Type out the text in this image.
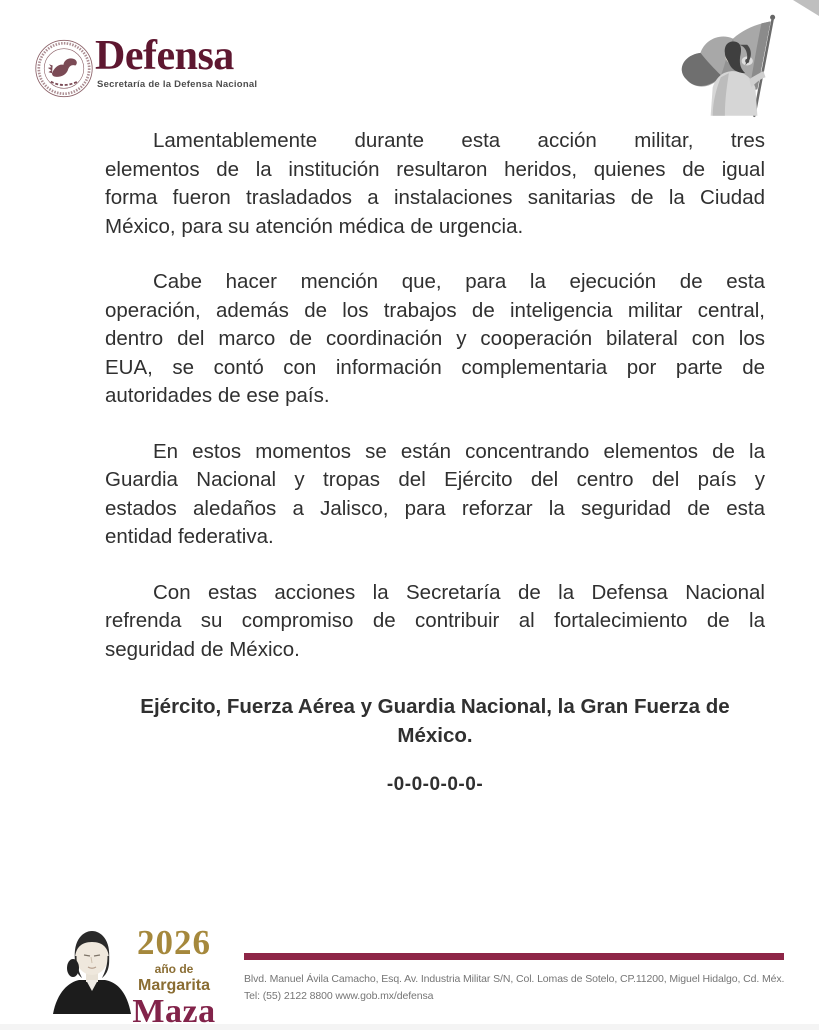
Defensa
Secretaría de la Defensa Nacional
Lamentablemente durante esta acción militar, tres
elementos de la institución resultaron heridos, quienes de igual
forma fueron trasladados a instalaciones sanitarias de la Ciudad
México, para su atención médica de urgencia.
Cabe hacer mención que, para la ejecución de esta
operación, además de los trabajos de inteligencia militar central,
dentro del marco de coordinación y cooperación bilateral con los
EUA, se contó con información complementaria por parte de
autoridades de ese país.
En estos momentos se están concentrando elementos de la
Guardia Nacional y tropas del Ejército del centro del país y
estados aledaños a Jalisco, para reforzar la seguridad de esta
entidad federativa.
Con estas acciones la Secretaría de la Defensa Nacional
refrenda su compromiso de contribuir al fortalecimiento de la
seguridad de México.
Ejército, Fuerza Aérea y Guardia Nacional, la Gran Fuerza de México.
-0-0-0-0-0-
2026
año de
Margarita
Maza
Blvd. Manuel Ávila Camacho, Esq. Av. Industria Militar S/N, Col. Lomas de Sotelo, CP.11200, Miguel Hidalgo, Cd. Méx.
Tel: (55) 2122 8800 www.gob.mx/defensa
